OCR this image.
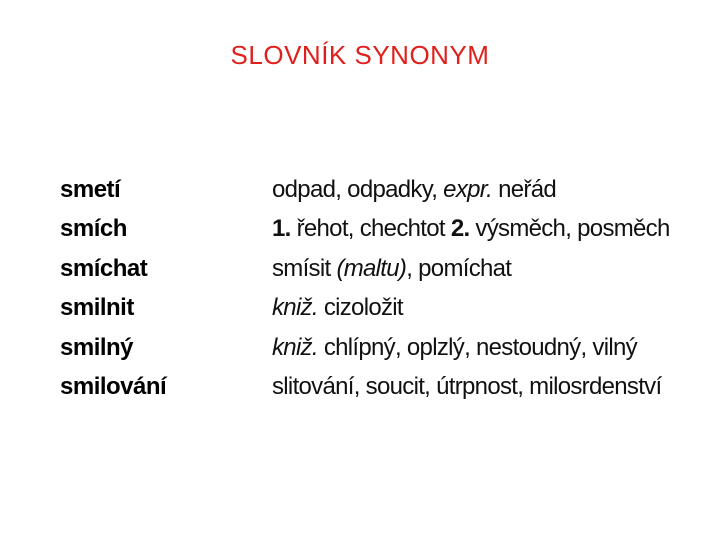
SLOVNÍK SYNONYM
smetí	odpad, odpadky, expr. neřád
smích	1. řehot, chechtot 2. výsměch, posměch
smíchat	smísit (maltu), pomíchat
smilnit	kniž. cizoložit
smilný	kniž. chlípný, oplzlý, nestoudný, vilný
smilování	slitování, soucit, útrpnost, milosrdenství
